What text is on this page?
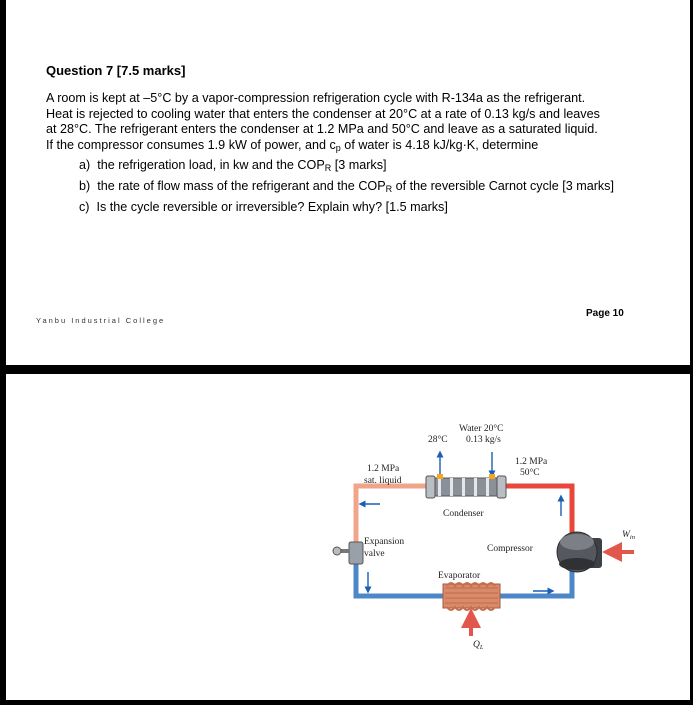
Question 7 [7.5 marks]
A room is kept at –5°C by a vapor-compression refrigeration cycle with R-134a as the refrigerant.
Heat is rejected to cooling water that enters the condenser at 20°C at a rate of 0.13 kg/s and leaves
at 28°C. The refrigerant enters the condenser at 1.2 MPa and 50°C and leave as a saturated liquid.
If the compressor consumes 1.9 kW of power, and $c_p$ of water is 4.18 kJ/kg·K, determine
a) the refrigeration load, in kw and the $COP_R$ [3 marks]
b) the rate of flow mass of the refrigerant and the $COP_R$ of the reversible Carnot cycle [3 marks]
c) Is the cycle reversible or irreversible? Explain why? [1.5 marks]
Yanbu Industrial College
Page 10
Water 20°C
0.13 kg/s
28°C
1.2 MPa
sat. liquid
1.2 MPa
50°C
Condenser
Expansion
valve	Compressor
Evaporator
$W_{in}$
$Q_L$
